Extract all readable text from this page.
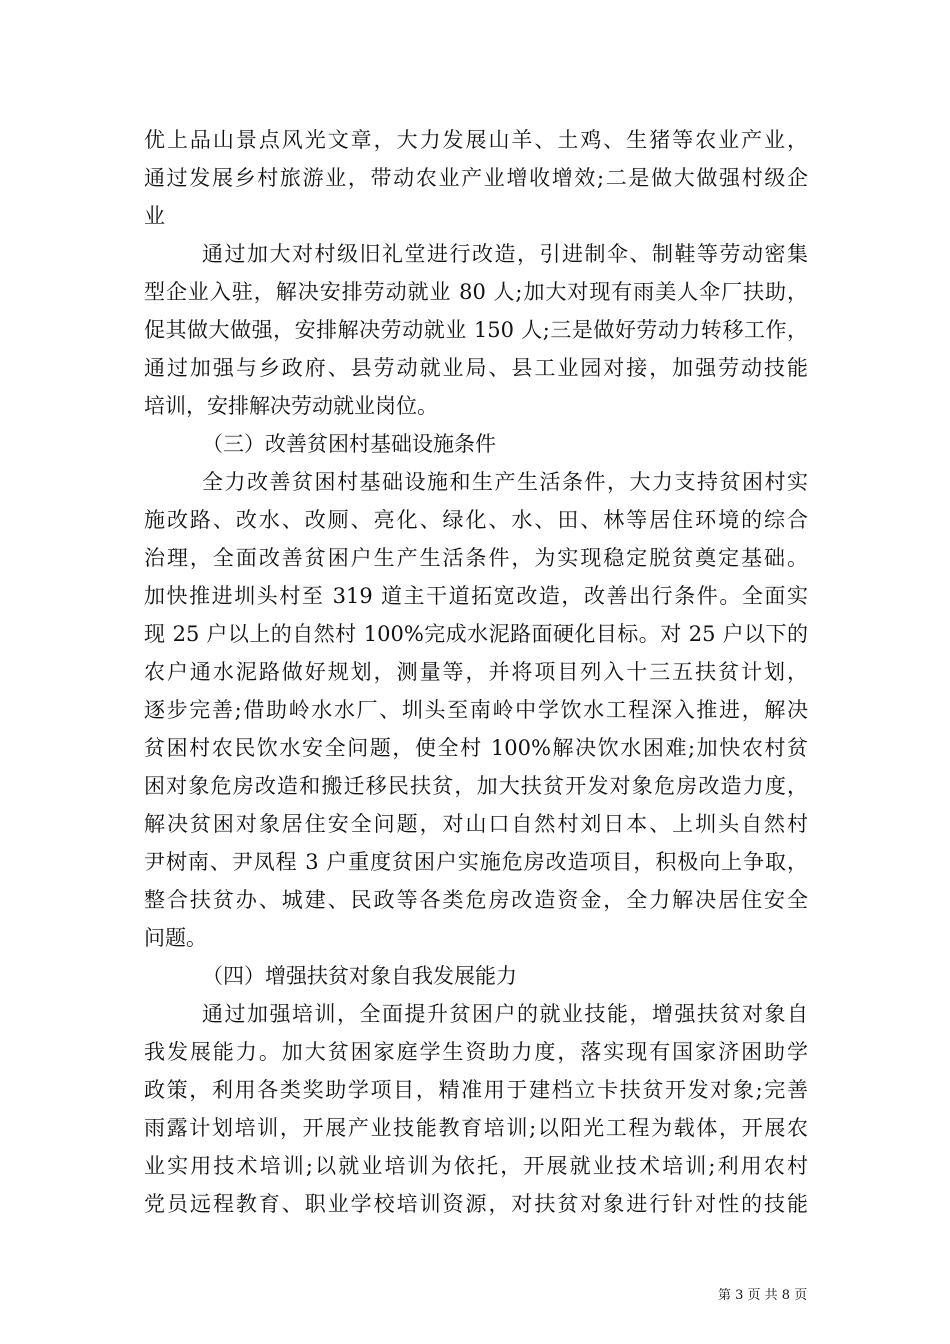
优上品山景点风光文章，大力发展山羊、土鸡、生猪等农业产业，
通过发展乡村旅游业，带动农业产业增收增效;二是做大做强村级企
业
通过加大对村级旧礼堂进行改造，引进制伞、制鞋等劳动密集
型企业入驻，解决安排劳动就业 80 人;加大对现有雨美人伞厂扶助，
促其做大做强，安排解决劳动就业 150 人;三是做好劳动力转移工作，
通过加强与乡政府、县劳动就业局、县工业园对接，加强劳动技能
培训，安排解决劳动就业岗位。
（三）改善贫困村基础设施条件
全力改善贫困村基础设施和生产生活条件，大力支持贫困村实
施改路、改水、改厕、亮化、绿化、水、田、林等居住环境的综合
治理，全面改善贫困户生产生活条件，为实现稳定脱贫奠定基础。
加快推进圳头村至 319 道主干道拓宽改造，改善出行条件。全面实
现 25 户以上的自然村 100%完成水泥路面硬化目标。对 25 户以下的
农户通水泥路做好规划，测量等，并将项目列入十三五扶贫计划，
逐步完善;借助岭水水厂、圳头至南岭中学饮水工程深入推进，解决
贫困村农民饮水安全问题，使全村 100%解决饮水困难;加快农村贫
困对象危房改造和搬迁移民扶贫，加大扶贫开发对象危房改造力度，
解决贫困对象居住安全问题，对山口自然村刘日本、上圳头自然村
尹树南、尹凤程 3 户重度贫困户实施危房改造项目，积极向上争取，
整合扶贫办、城建、民政等各类危房改造资金，全力解决居住安全
问题。
（四）增强扶贫对象自我发展能力
通过加强培训，全面提升贫困户的就业技能，增强扶贫对象自
我发展能力。加大贫困家庭学生资助力度，落实现有国家济困助学
政策，利用各类奖助学项目，精准用于建档立卡扶贫开发对象;完善
雨露计划培训，开展产业技能教育培训;以阳光工程为载体，开展农
业实用技术培训;以就业培训为依托，开展就业技术培训;利用农村
党员远程教育、职业学校培训资源，对扶贫对象进行针对性的技能
第 3 页 共 8 页
